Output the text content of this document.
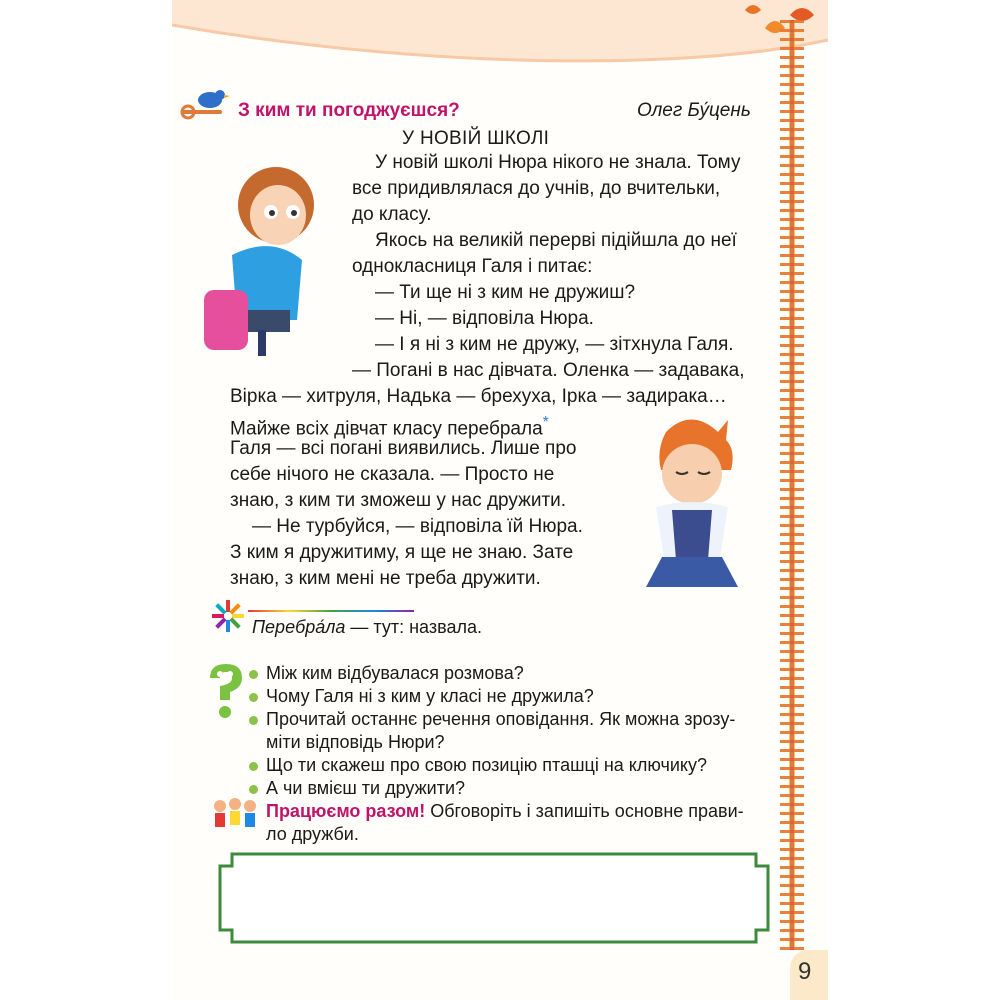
З ким ти погоджуєшся?	Олег Бу́цень
У НОВІЙ ШКОЛІ
У новій школі Нюра нікого не знала. Тому
все придивлялася до учнів, до вчительки,
до класу.
Якось на великій перерві підійшла до неї
однокласниця Галя і питає:
— Ти ще ні з ким не дружиш?
— Ні, — відповіла Нюра.
— І я ні з ким не дружу, — зітхнула Галя.
— Погані в нас дівчата. Оленка — задавака,
Вірка — хитруля, Надька — брехуха, Ірка — задирака…
Майже всіх дівчат класу перебрала*
Галя — всі погані виявились. Лише про
себе нічого не сказала. — Просто не
знаю, з ким ти зможеш у нас дружити.
— Не турбуйся, — відповіла їй Нюра.
З ким я дружитиму, я ще не знаю. Зате
знаю, з ким мені не треба дружити.
Перебра́ла — тут: назвала.
Між ким відбувалася розмова?
Чому Галя ні з ким у класі не дружила?
Прочитай останнє речення оповідання. Як можна зрозу-
міти відповідь Нюри?
Що ти скажеш про свою позицію пташці на ключику?
А чи вмієш ти дружити?
Працюємо разом! Обговоріть і запишіть основне прави-
ло дружби.
9
